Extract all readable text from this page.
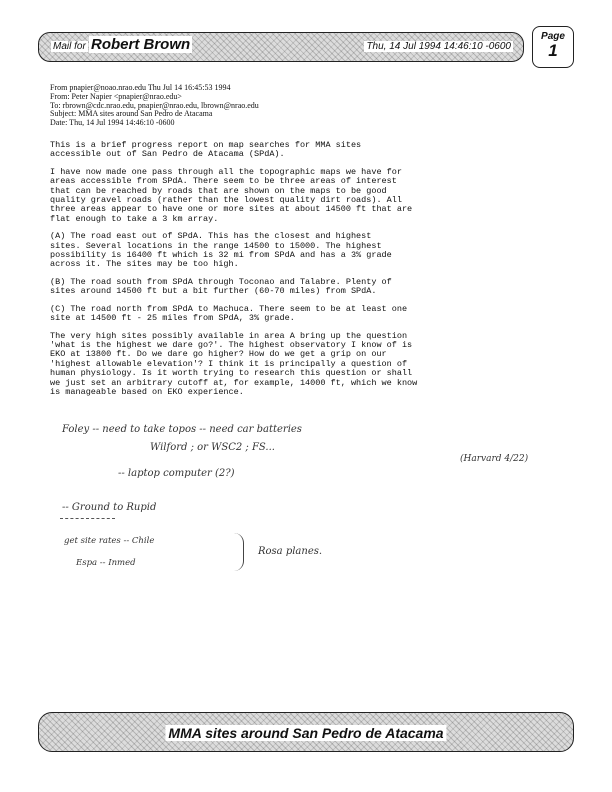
Mail for Robert Brown	Thu, 14 Jul 1994 14:46:10 -0600
Page
1
From pnapier@noao.nrao.edu Thu Jul 14 16:45:53 1994
From: Peter Napier <pnapier@nrao.edu>
To: rbrown@cdc.nrao.edu, pnapier@nrao.edu, lbrown@nrao.edu
Subject: MMA sites around San Pedro de Atacama
Date: Thu, 14 Jul 1994 14:46:10 -0600

This is a brief progress report on map searches for MMA sites
accessible out of San Pedro de Atacama (SPdA).

I have now made one pass through all the topographic maps we have for
areas accessible from SPdA. There seem to be three areas of interest
that can be reached by roads that are shown on the maps to be good
quality gravel roads (rather than the lowest quality dirt roads). All
three areas appear to have one or more sites at about 14500 ft that are
flat enough to take a 3 km array.

(A) The road east out of SPdA. This has the closest and highest
sites. Several locations in the range 14500 to 15000. The highest
possibility is 16400 ft which is 32 mi from SPdA and has a 3% grade
across it. The sites may be too high.

(B) The road south from SPdA through Toconao and Talabre. Plenty of
sites around 14500 ft but a bit further (60-70 miles) from SPdA.

(C) The road north from SPdA to Machuca. There seem to be at least one
site at 14500 ft - 25 miles from SPdA, 3% grade.

The very high sites possibly available in area A bring up the question
'what is the highest we dare go?'. The highest observatory I know of is
EKO at 13800 ft. Do we dare go higher? How do we get a grip on our
'highest allowable elevation'? I think it is principally a question of
human physiology. Is it worth trying to research this question or shall
we just set an arbitrary cutoff at, for example, 14000 ft, which we know
is manageable based on EKO experience.

Foley -- need to take topos -- need car batteries
Wilford ; or WSC2 ; FS...
(Harvard 4/22)
-- laptop computer (2?)
-- Ground to Rupid
get site rates -- Chile
Espa -- Inmed
Rosa planes.
MMA sites around San Pedro de Atacama
